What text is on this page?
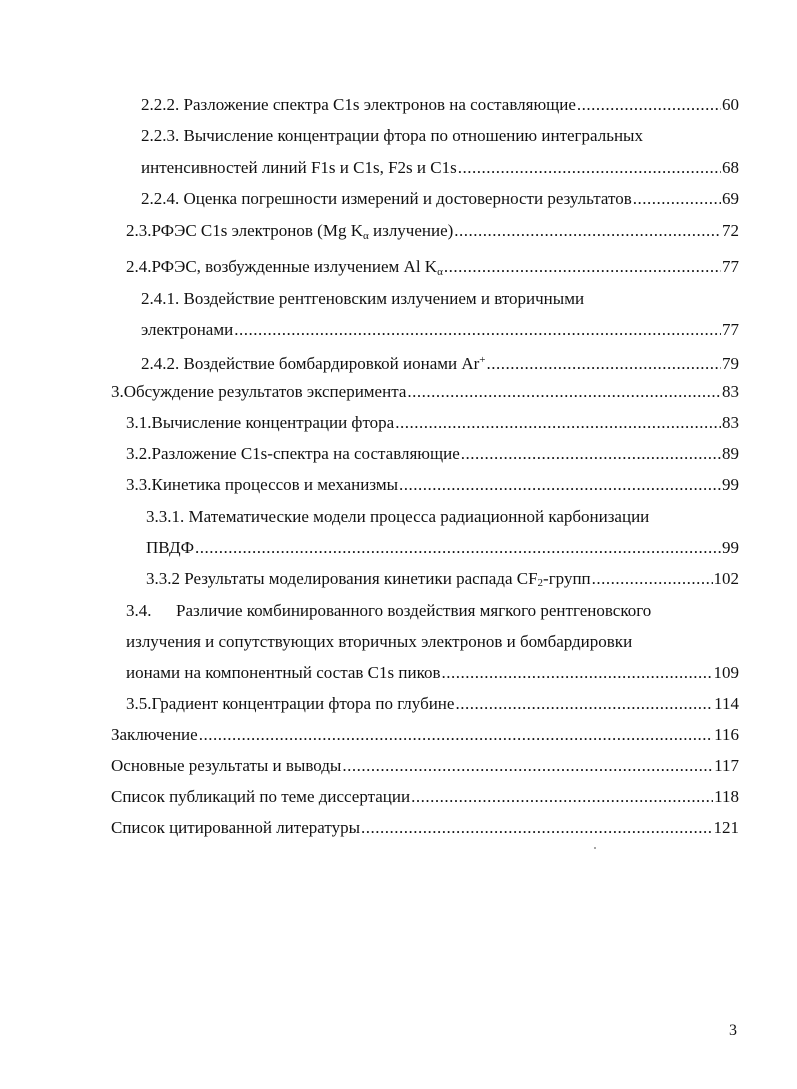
2.2.2.
Разложение спектра С1s электронов на составляющие .....	60
2.2.3. Вычисление концентрации фтора по отношению интегральных
интенсивностей линий F1s и C1s, F2s и C1s .....	68
2.2.4.
Оценка погрешности измерений и достоверности результатов .....	69
2.3. РФЭС С1s электронов (Mg Kα излучение) .....	72
2.4. РФЭС, возбужденные излучением Al Kα .....	77
2.4.1. Воздействие рентгеновским излучением и вторичными
электронами .....	77
2.4.2.
Воздействие бомбардировкой ионами Ar+ .....	79
3. Обсуждение результатов эксперимента .....	83
3.1. Вычисление концентрации фтора .....	83
3.2. Разложение С1s-спектра на составляющие .....	89
3.3. Кинетика процессов и механизмы .....	99
3.3.1. Математические модели процесса радиационной карбонизации
ПВДФ .....	99
3.3.2
Результаты моделирования кинетики распада CF2-групп .....	102
3.4. Различие комбинированного воздействия мягкого рентгеновского
излучения и сопутствующих вторичных электронов и бомбардировки
ионами на компонентный состав С1s пиков .....	109
3.5. Градиент концентрации фтора по глубине .....	114
Заключение .....	116
Основные результаты и выводы .....	117
Список публикаций по теме диссертации .....	118
Список цитированной литературы .....	121
3
